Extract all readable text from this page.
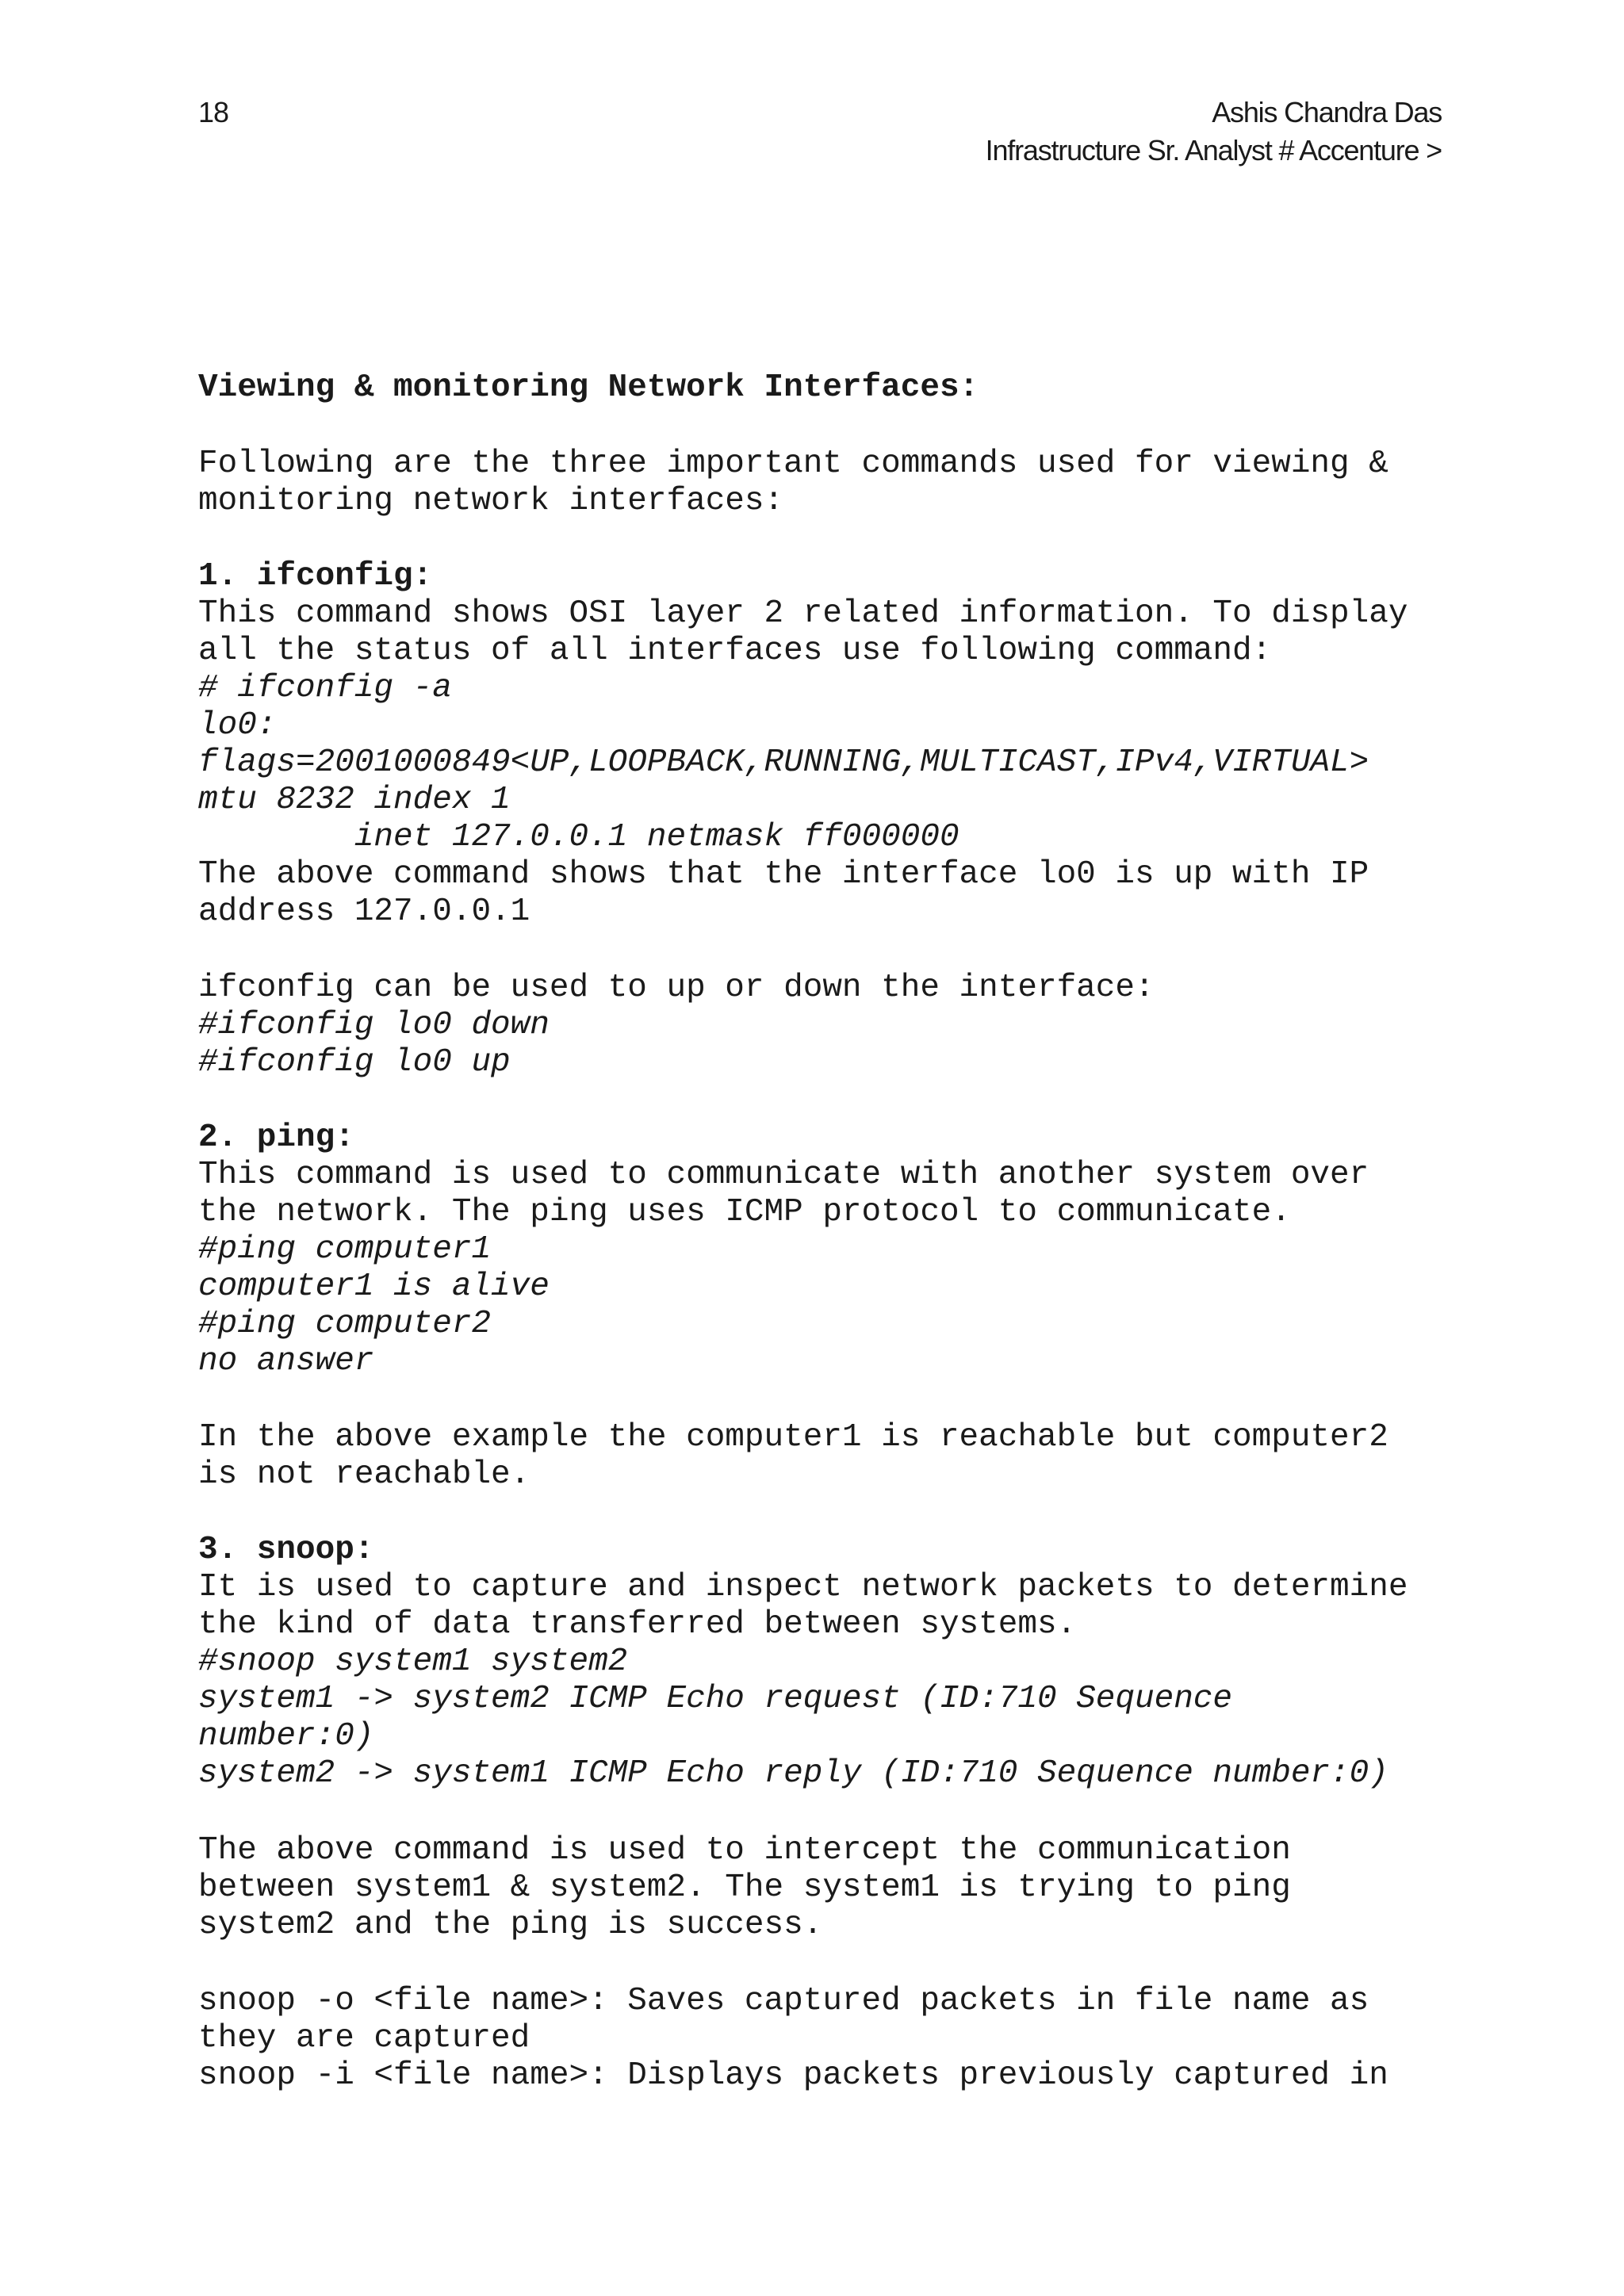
18	Ashis Chandra Das
Infrastructure Sr. Analyst # Accenture >
Viewing & monitoring Network Interfaces:
Following are the three important commands used for viewing &
monitoring network interfaces:
1. ifconfig:
This command shows OSI layer 2 related information. To display
all the status of all interfaces use following command:
# ifconfig -a
lo0:
flags=2001000849<UP,LOOPBACK,RUNNING,MULTICAST,IPv4,VIRTUAL>
mtu 8232 index 1
inet 127.0.0.1 netmask ff000000
The above command shows that the interface lo0 is up with IP
address 127.0.0.1
ifconfig can be used to up or down the interface:
#ifconfig lo0 down
#ifconfig lo0 up
2. ping:
This command is used to communicate with another system over
the network. The ping uses ICMP protocol to communicate.
#ping computer1
computer1 is alive
#ping computer2
no answer
In the above example the computer1 is reachable but computer2
is not reachable.
3. snoop:
It is used to capture and inspect network packets to determine
the kind of data transferred between systems.
#snoop system1 system2
system1 -> system2 ICMP Echo request (ID:710 Sequence
number:0)
system2 -> system1 ICMP Echo reply (ID:710 Sequence number:0)
The above command is used to intercept the communication
between system1 & system2. The system1 is trying to ping
system2 and the ping is success.
snoop -o <file name>: Saves captured packets in file name as
they are captured
snoop -i <file name>: Displays packets previously captured in
